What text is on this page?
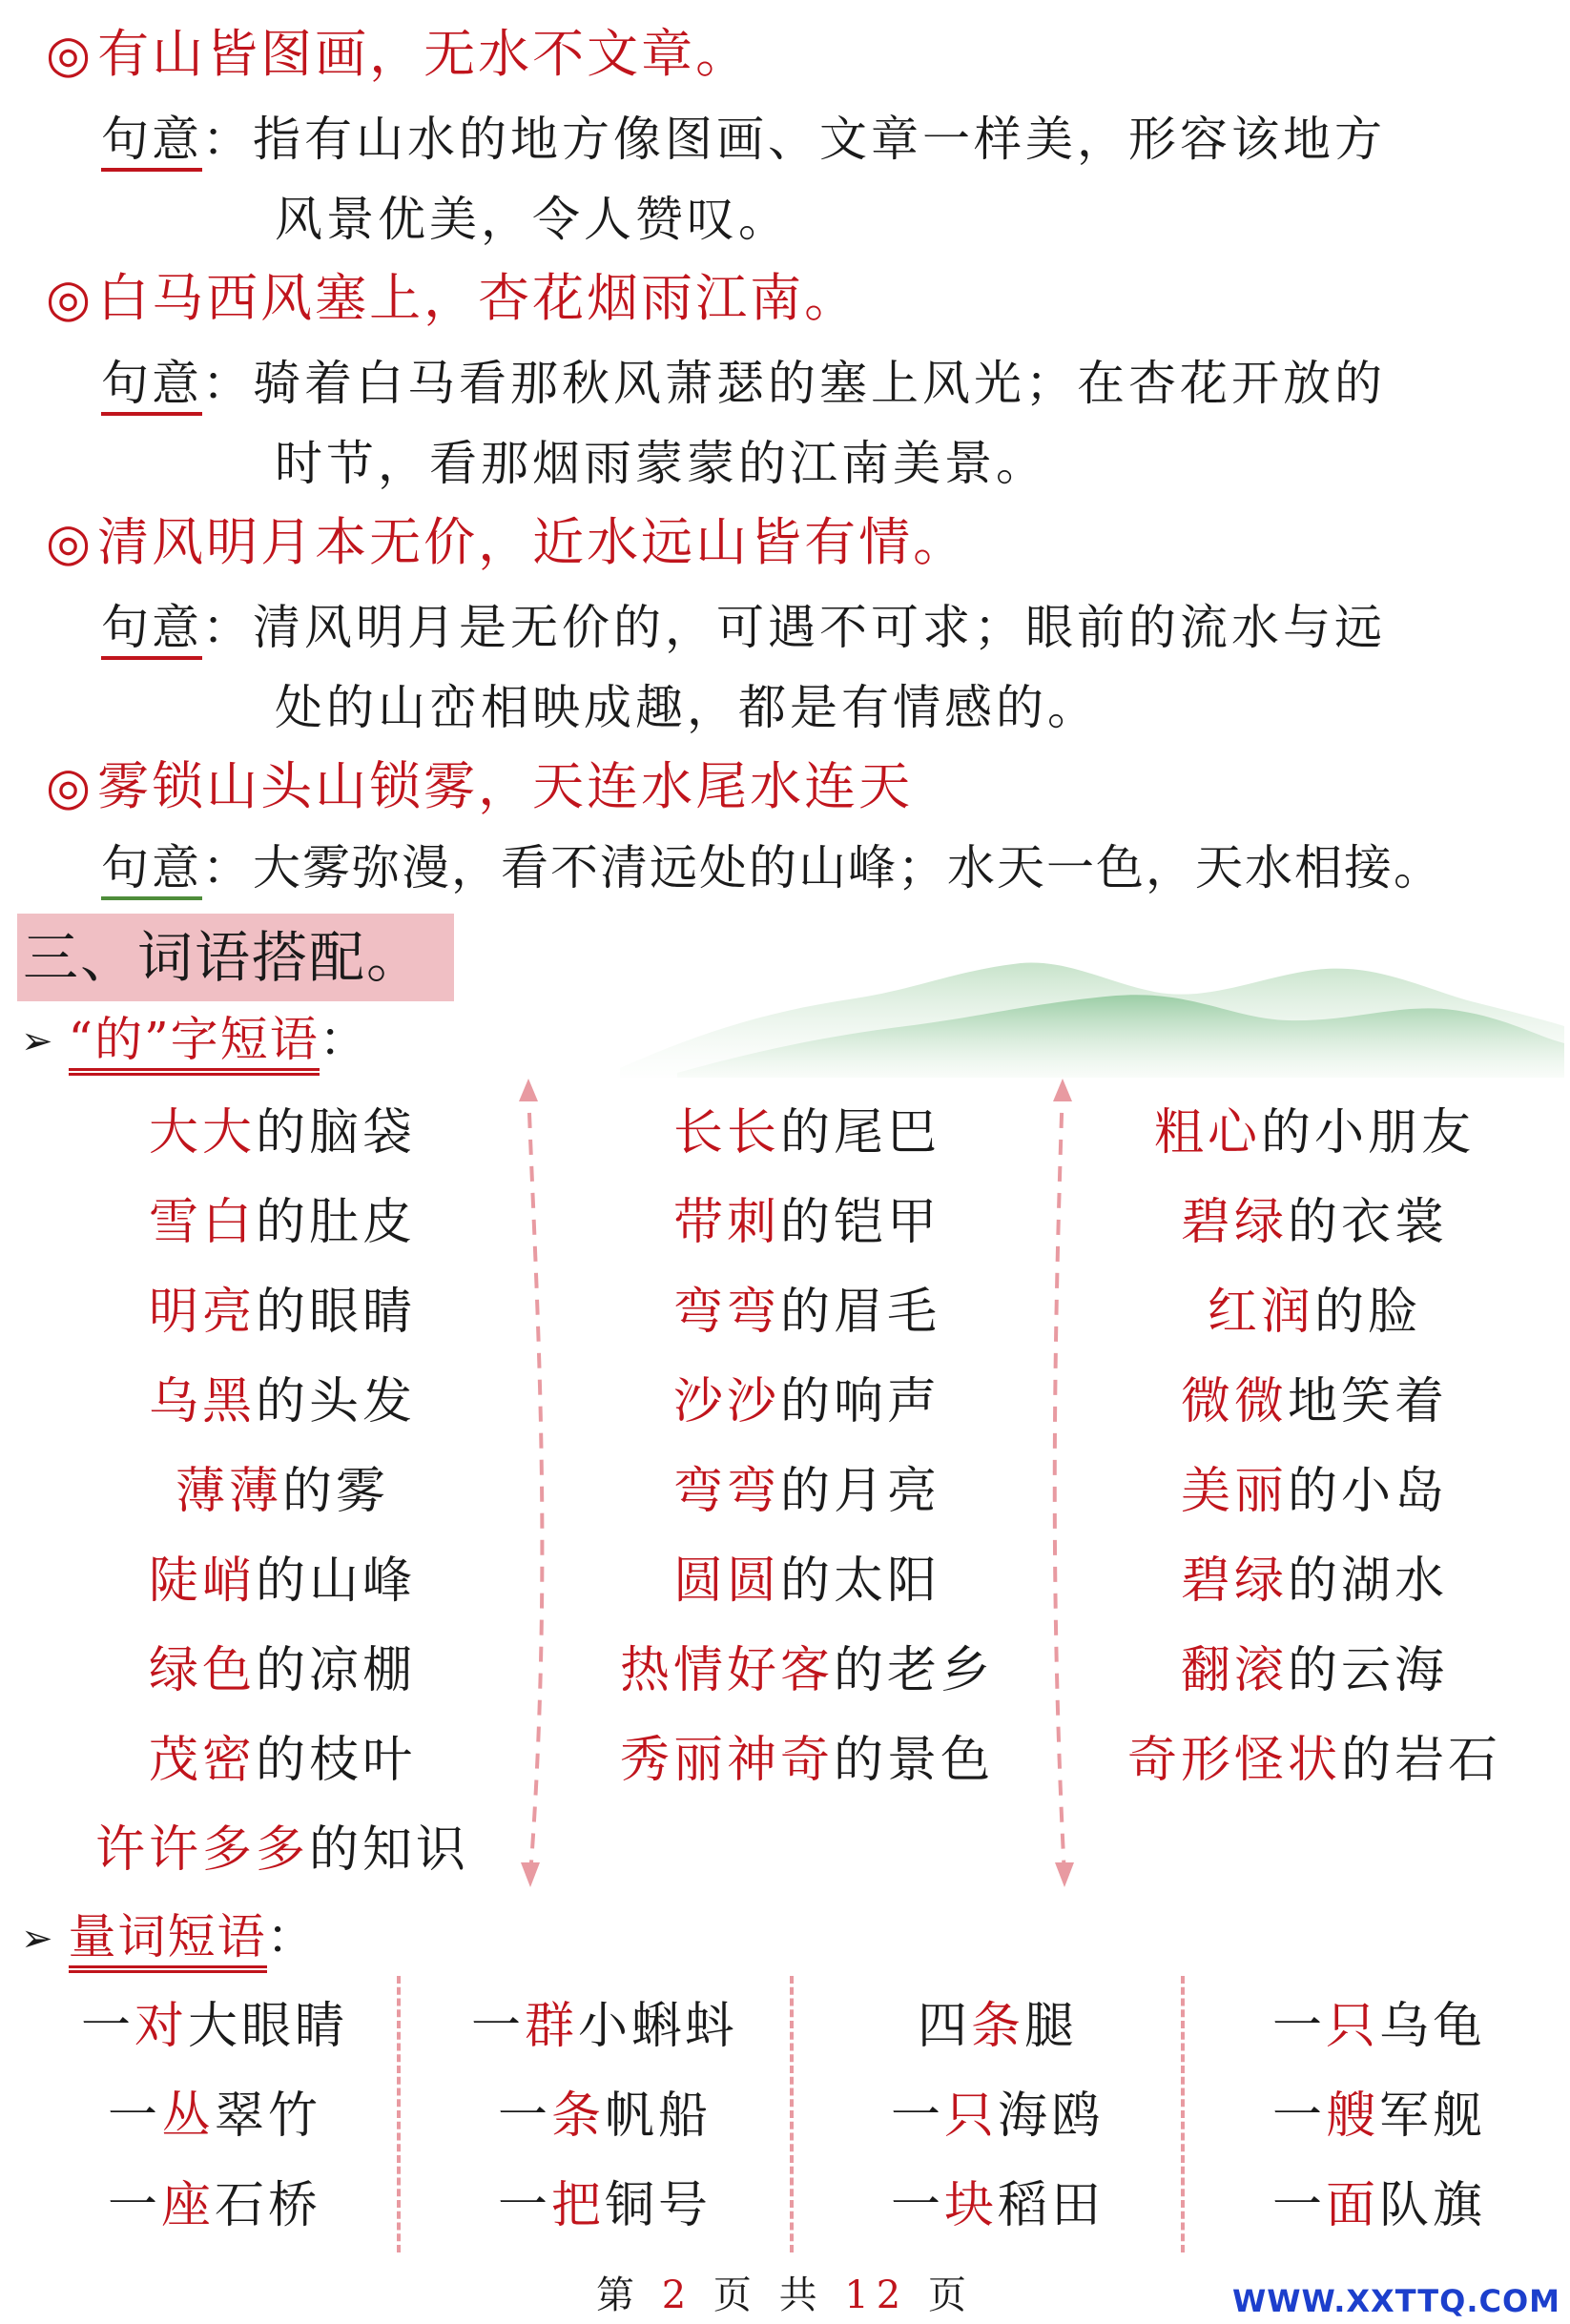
◎有山皆图画，无水不文章。
句意：指有山水的地方像图画、文章一样美，形容该地方
风景优美，令人赞叹。
◎白马西风塞上，杏花烟雨江南。
句意：骑着白马看那秋风萧瑟的塞上风光；在杏花开放的
时节，看那烟雨蒙蒙的江南美景。
◎清风明月本无价，近水远山皆有情。
句意：清风明月是无价的，可遇不可求；眼前的流水与远
处的山峦相映成趣，都是有情感的。
◎雾锁山头山锁雾，天连水尾水连天
句意：大雾弥漫，看不清远处的山峰；水天一色，天水相接。
三、词语搭配。
➢ “的”字短语：
大大的脑袋
雪白的肚皮
明亮的眼睛
乌黑的头发
薄薄的雾
陡峭的山峰
绿色的凉棚
茂密的枝叶
许许多多的知识
长长的尾巴
带刺的铠甲
弯弯的眉毛
沙沙的响声
弯弯的月亮
圆圆的太阳
热情好客的老乡
秀丽神奇的景色
粗心的小朋友
碧绿的衣裳
红润的脸
微微地笑着
美丽的小岛
碧绿的湖水
翻滚的云海
奇形怪状的岩石
➢ 量词短语：
一对大眼睛
一丛翠竹
一座石桥
一群小蝌蚪
一条帆船
一把铜号
四条腿
一只海鸥
一块稻田
一只乌龟
一艘军舰
一面队旗
第 2 页 共 12 页	WWW.XXTTQ.COM
